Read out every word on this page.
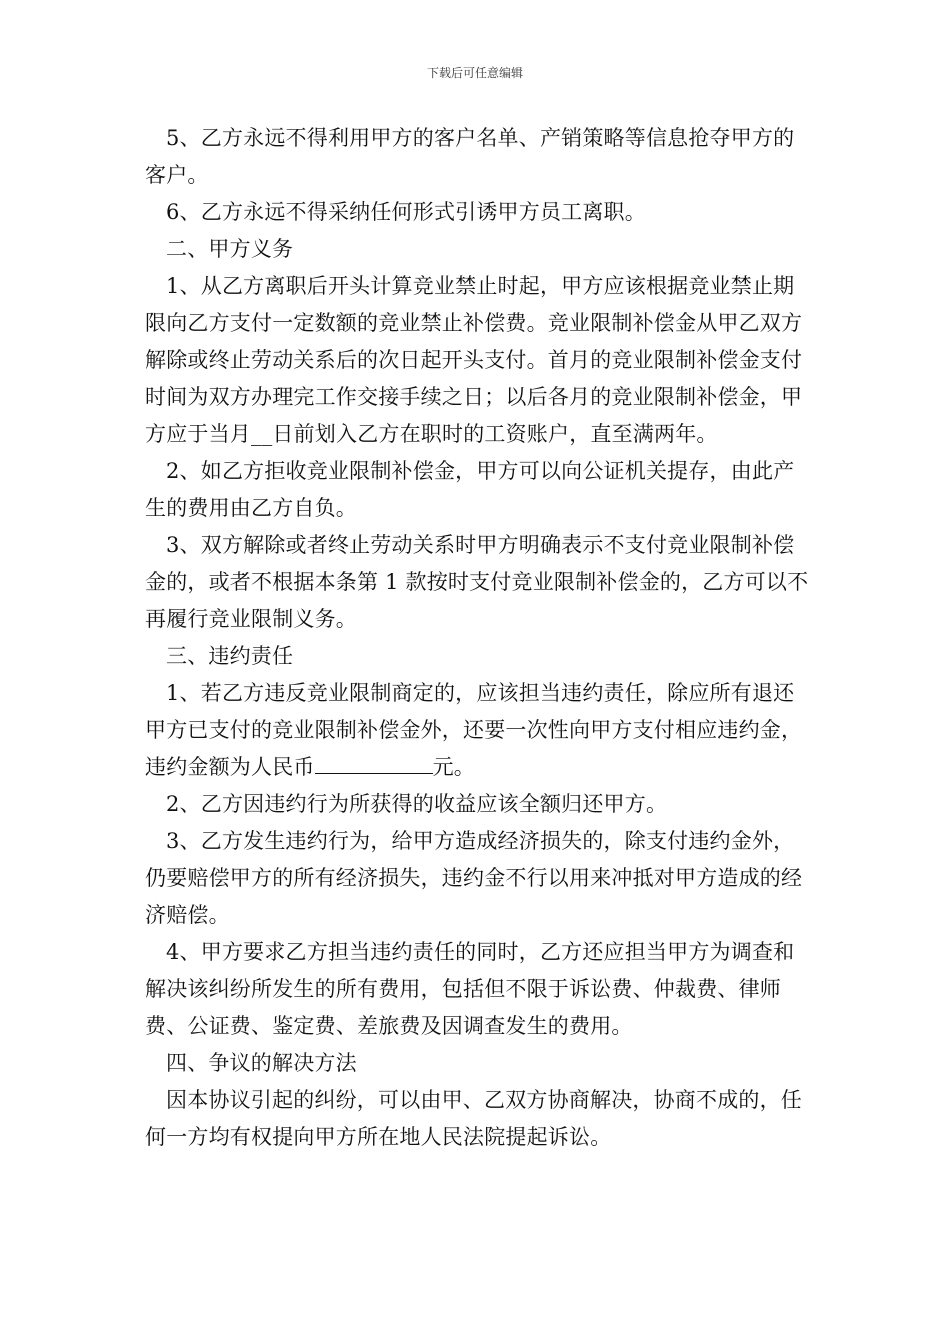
下载后可任意编辑

5、乙方永远不得利用甲方的客户名单、产销策略等信息抢夺甲方的客户。

6、乙方永远不得采纳任何形式引诱甲方员工离职。

二、甲方义务

1、从乙方离职后开头计算竞业禁止时起，甲方应该根据竞业禁止期限向乙方支付一定数额的竞业禁止补偿费。竞业限制补偿金从甲乙双方解除或终止劳动关系后的次日起开头支付。首月的竞业限制补偿金支付时间为双方办理完工作交接手续之日；以后各月的竞业限制补偿金，甲方应于当月__日前划入乙方在职时的工资账户，直至满两年。

2、如乙方拒收竞业限制补偿金，甲方可以向公证机关提存，由此产生的费用由乙方自负。

3、双方解除或者终止劳动关系时甲方明确表示不支付竞业限制补偿金的，或者不根据本条第 1 款按时支付竞业限制补偿金的，乙方可以不再履行竞业限制义务。

三、违约责任

1、若乙方违反竞业限制商定的，应该担当违约责任，除应所有退还甲方已支付的竞业限制补偿金外，还要一次性向甲方支付相应违约金，违约金额为人民币	元。

2、乙方因违约行为所获得的收益应该全额归还甲方。

3、乙方发生违约行为，给甲方造成经济损失的，除支付违约金外，仍要赔偿甲方的所有经济损失，违约金不行以用来冲抵对甲方造成的经济赔偿。

4、甲方要求乙方担当违约责任的同时，乙方还应担当甲方为调查和解决该纠纷所发生的所有费用，包括但不限于诉讼费、仲裁费、律师费、公证费、鉴定费、差旅费及因调查发生的费用。

四、争议的解决方法

因本协议引起的纠纷，可以由甲、乙双方协商解决，协商不成的，任何一方均有权提向甲方所在地人民法院提起诉讼。
